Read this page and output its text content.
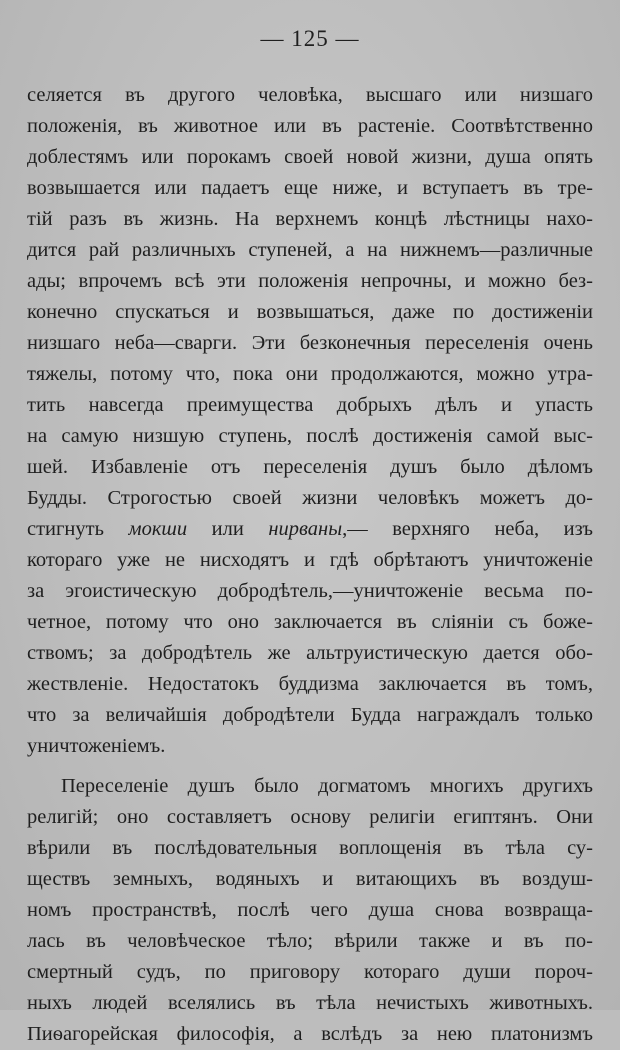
— 125 —
селяется въ другого человѣка, высшаго или низшаго
положенія, въ животное или въ растеніе. Соотвѣтственно
доблестямъ или порокамъ своей новой жизни, душа опять
возвышается или падаетъ еще ниже, и вступаетъ въ тре-
тій разъ въ жизнь. На верхнемъ концѣ лѣстницы нахо-
дится рай различныхъ ступеней, а на нижнемъ—различные
ады; впрочемъ всѣ эти положенія непрочны, и можно без-
конечно спускаться и возвышаться, даже по достиженіи
низшаго неба—сварги. Эти безконечныя переселенія очень
тяжелы, потому что, пока они продолжаются, можно утра-
тить навсегда преимущества добрыхъ дѣлъ и упасть
на самую низшую ступень, послѣ достиженія самой выс-
шей. Избавленіе отъ переселенія душъ было дѣломъ
Будды. Строгостью своей жизни человѣкъ можетъ до-
стигнуть мокши или нирваны,— верхняго неба, изъ
котораго уже не нисходятъ и гдѣ обрѣтаютъ уничтоженіе
за эгоистическую добродѣтель,—уничтоженіе весьма по-
четное, потому что оно заключается въ сліяніи съ боже-
ствомъ; за добродѣтель же альтруистическую дается обо-
жествленіе. Недостатокъ буддизма заключается въ томъ,
что за величайшія добродѣтели Будда награждалъ только
уничтоженіемъ.
Переселеніе душъ было догматомъ многихъ другихъ
религій; оно составляетъ основу религіи египтянъ. Они
вѣрили въ послѣдовательныя воплощенія въ тѣла су-
ществъ земныхъ, водяныхъ и витающихъ въ воздуш-
номъ пространствѣ, послѣ чего душа снова возвраща-
лась въ человѣческое тѣло; вѣрили также и въ по-
смертный судъ, по приговору котораго души пороч-
ныхъ людей вселялись въ тѣла нечистыхъ животныхъ.
Пиѳагорейская философія, а вслѣдъ за нею платонизмъ
